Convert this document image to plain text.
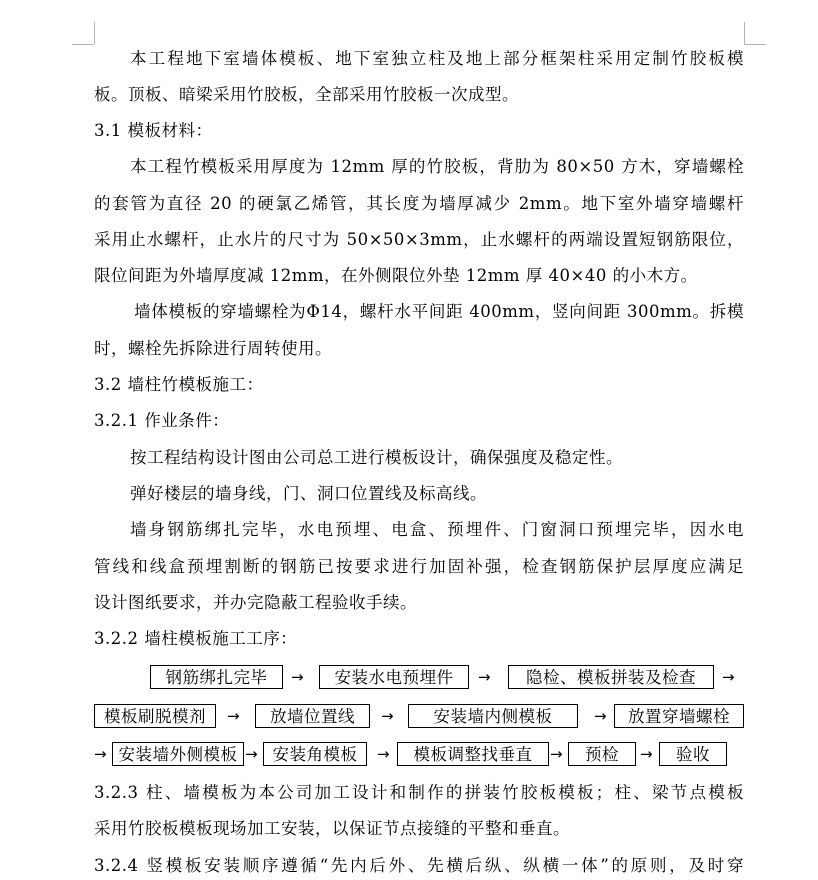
本工程地下室墙体模板、地下室独立柱及地上部分框架柱采用定制竹胶板模
板。顶板、暗梁采用竹胶板，全部采用竹胶板一次成型。
3.1 模板材料：
本工程竹模板采用厚度为 12mm 厚的竹胶板，背肋为 80×50 方木，穿墙螺栓
的套管为直径 20 的硬氯乙烯管，其长度为墙厚减少 2mm。地下室外墙穿墙螺杆
采用止水螺杆，止水片的尺寸为 50×50×3mm，止水螺杆的两端设置短钢筋限位，
限位间距为外墙厚度减 12mm，在外侧限位外垫 12mm 厚 40×40 的小木方。
墙体模板的穿墙螺栓为Φ14，螺杆水平间距 400mm，竖向间距 300mm。拆模
时，螺栓先拆除进行周转使用。
3.2 墙柱竹模板施工：
3.2.1 作业条件：
按工程结构设计图由公司总工进行模板设计，确保强度及稳定性。
弹好楼层的墙身线，门、洞口位置线及标高线。
墙身钢筋绑扎完毕，水电预埋、电盒、预埋件、门窗洞口预埋完毕，因水电
管线和线盒预埋割断的钢筋已按要求进行加固补强，检查钢筋保护层厚度应满足
设计图纸要求，并办完隐蔽工程验收手续。
3.2.2 墙柱模板施工工序：
钢筋绑扎完毕	→	安装水电预埋件	→	隐检、模板拼装及检查	→
模板刷脱模剂	→	放墙位置线	→	安装墙内侧模板	→	放置穿墙螺栓
→ 安装墙外侧模板 → 安装角模板	→	模板调整找垂直	→	预检	→	验收
3.2.3 柱、墙模板为本公司加工设计和制作的拼装竹胶板模板；柱、梁节点模板
采用竹胶板模板现场加工安装，以保证节点接缝的平整和垂直。
3.2.4 竖模板安装顺序遵循“先内后外、先横后纵、纵横一体”的原则，及时穿
